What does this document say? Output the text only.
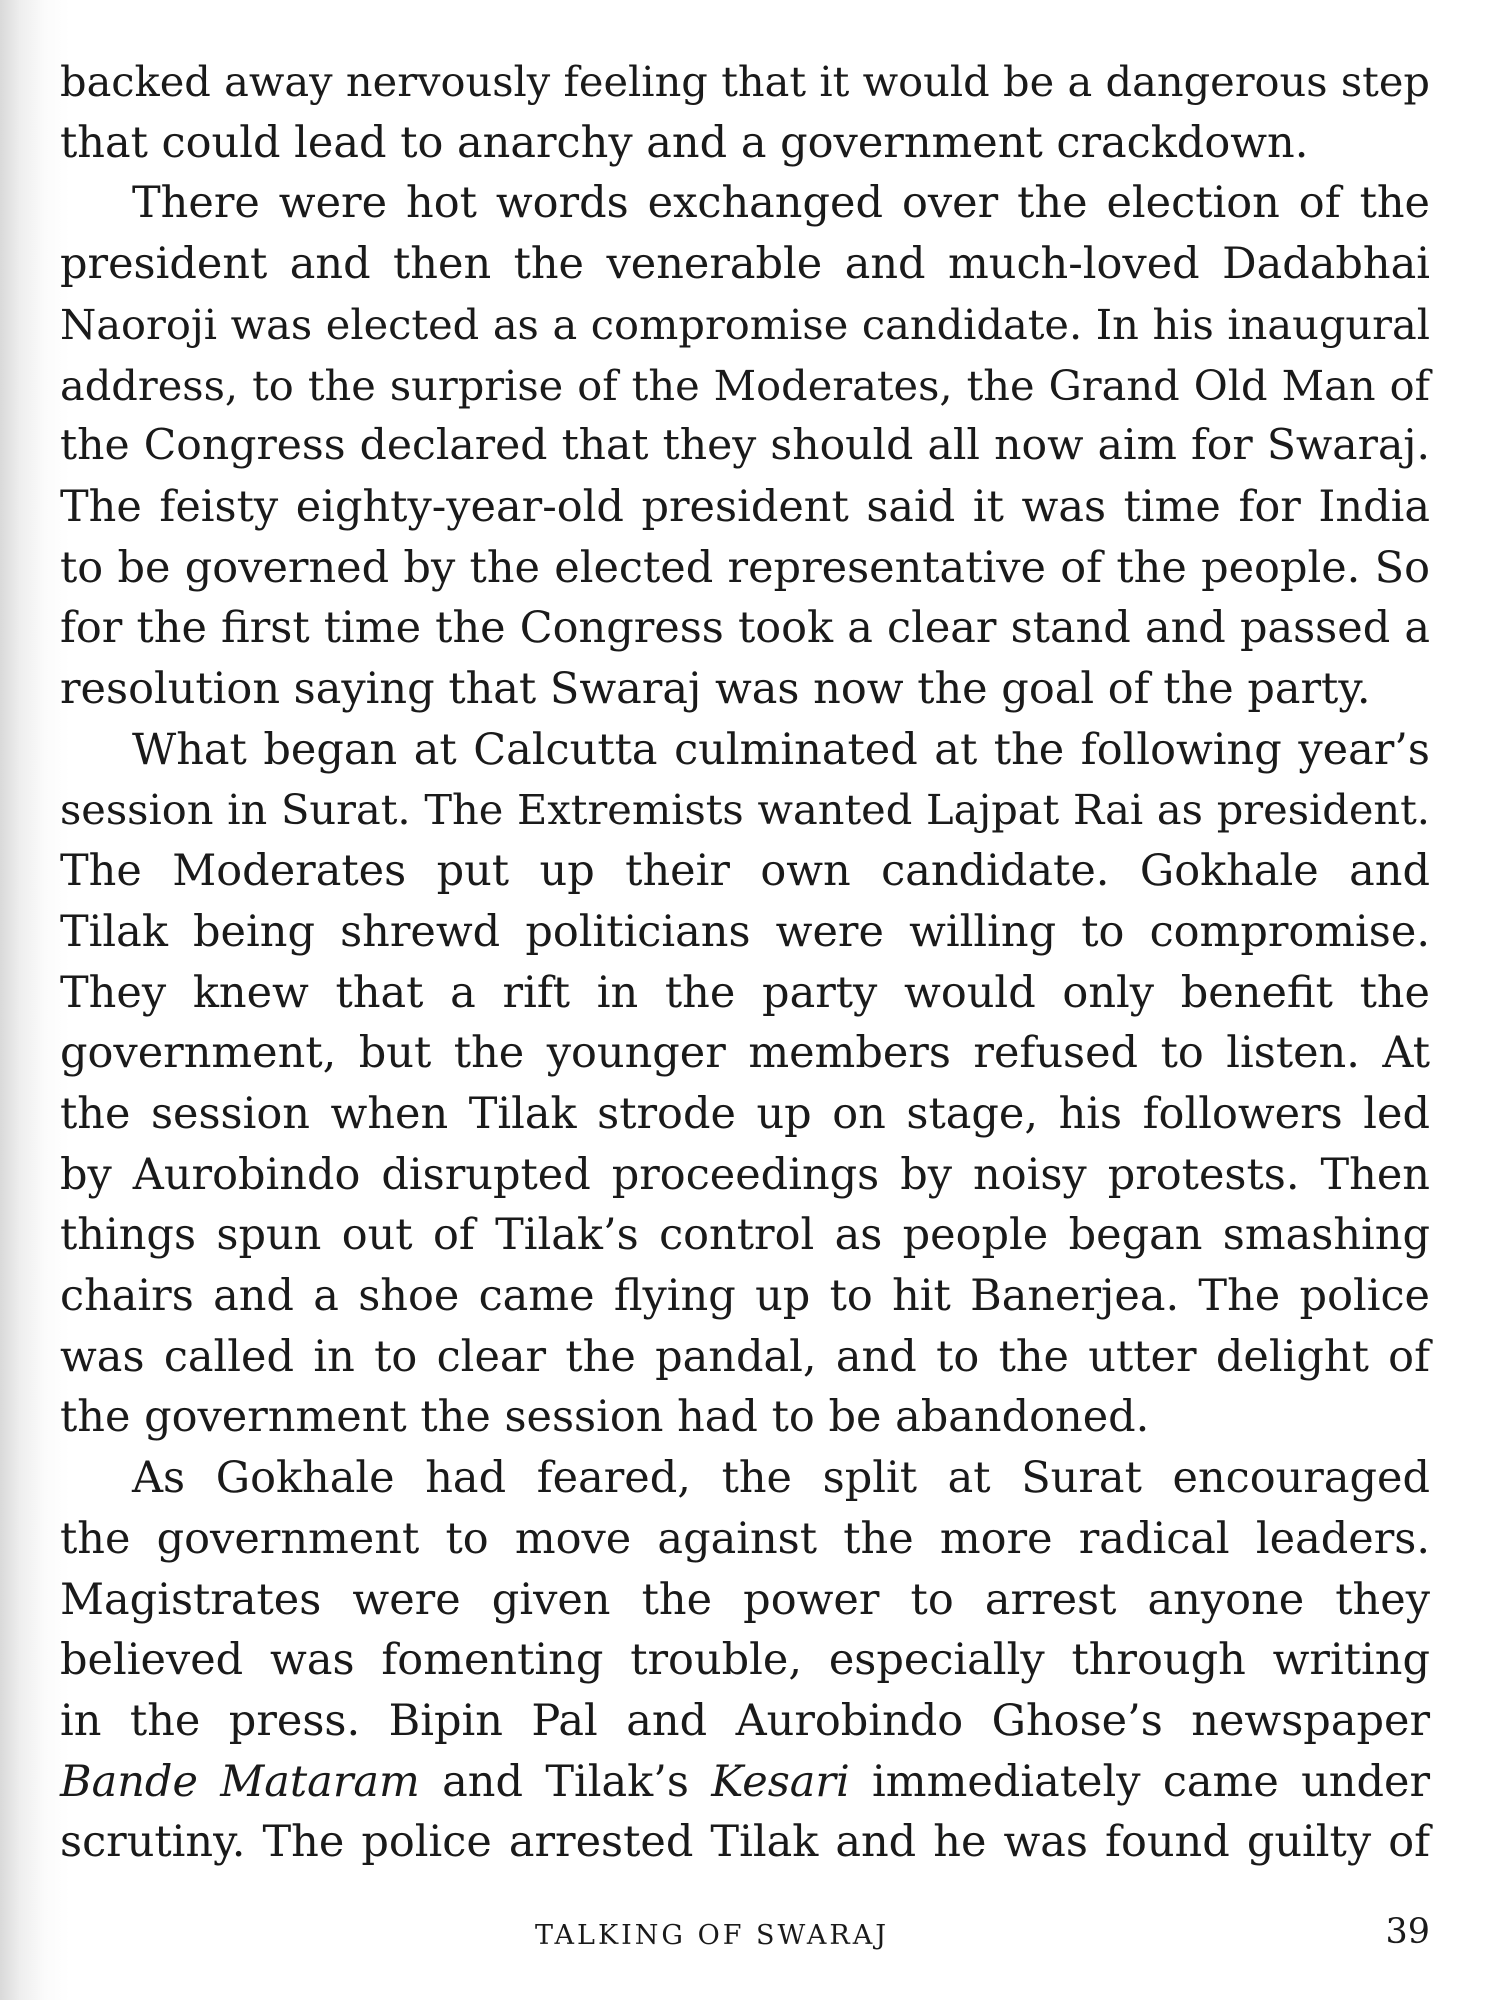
backed away nervously feeling that it would be a dangerous step
that could lead to anarchy and a government crackdown.
There were hot words exchanged over the election of the
president and then the venerable and much-loved Dadabhai
Naoroji was elected as a compromise candidate. In his inaugural
address, to the surprise of the Moderates, the Grand Old Man of
the Congress declared that they should all now aim for Swaraj.
The feisty eighty-year-old president said it was time for India
to be governed by the elected representative of the people. So
for the first time the Congress took a clear stand and passed a
resolution saying that Swaraj was now the goal of the party.
What began at Calcutta culminated at the following year’s
session in Surat. The Extremists wanted Lajpat Rai as president.
The Moderates put up their own candidate. Gokhale and
Tilak being shrewd politicians were willing to compromise.
They knew that a rift in the party would only benefit the
government, but the younger members refused to listen. At
the session when Tilak strode up on stage, his followers led
by Aurobindo disrupted proceedings by noisy protests. Then
things spun out of Tilak’s control as people began smashing
chairs and a shoe came flying up to hit Banerjea. The police
was called in to clear the pandal, and to the utter delight of
the government the session had to be abandoned.
As Gokhale had feared, the split at Surat encouraged
the government to move against the more radical leaders.
Magistrates were given the power to arrest anyone they
believed was fomenting trouble, especially through writing
in the press. Bipin Pal and Aurobindo Ghose’s newspaper
Bande Mataram and Tilak’s Kesari immediately came under
scrutiny. The police arrested Tilak and he was found guilty of
TALKING OF SWARAJ	39
